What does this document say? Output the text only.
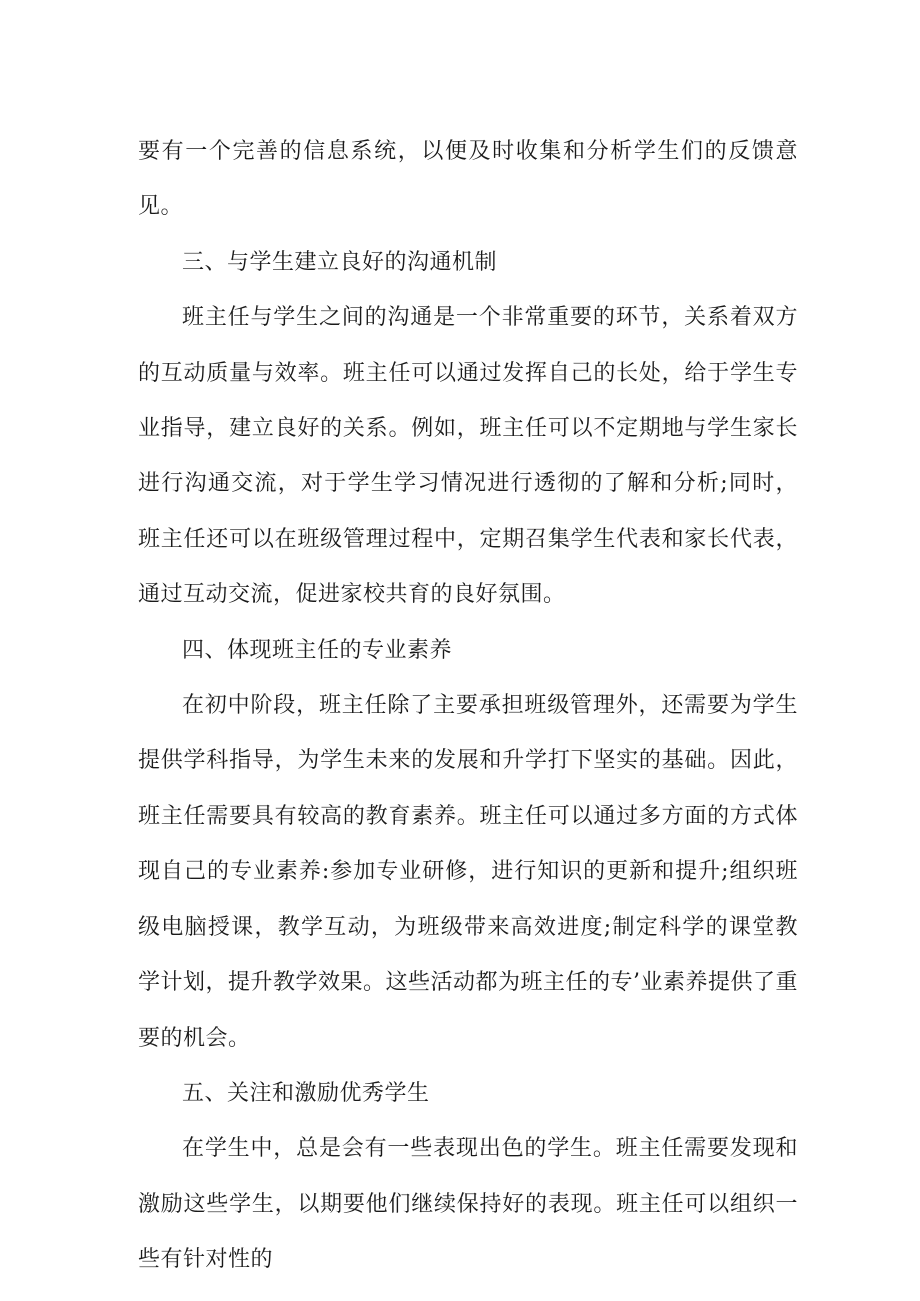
要有一个完善的信息系统，以便及时收集和分析学生们的反馈意见。

三、与学生建立良好的沟通机制

班主任与学生之间的沟通是一个非常重要的环节，关系着双方的互动质量与效率。班主任可以通过发挥自己的长处，给于学生专业指导，建立良好的关系。例如，班主任可以不定期地与学生家长进行沟通交流，对于学生学习情况进行透彻的了解和分析;同时，班主任还可以在班级管理过程中，定期召集学生代表和家长代表，通过互动交流，促进家校共育的良好氛围。

四、体现班主任的专业素养

在初中阶段，班主任除了主要承担班级管理外，还需要为学生提供学科指导，为学生未来的发展和升学打下坚实的基础。因此，班主任需要具有较高的教育素养。班主任可以通过多方面的方式体现自己的专业素养:参加专业研修，进行知识的更新和提升;组织班级电脑授课，教学互动，为班级带来高效进度;制定科学的课堂教学计划，提升教学效果。这些活动都为班主任的专’业素养提供了重要的机会。

五、关注和激励优秀学生

在学生中，总是会有一些表现出色的学生。班主任需要发现和激励这些学生，以期要他们继续保持好的表现。班主任可以组织一些有针对性的
